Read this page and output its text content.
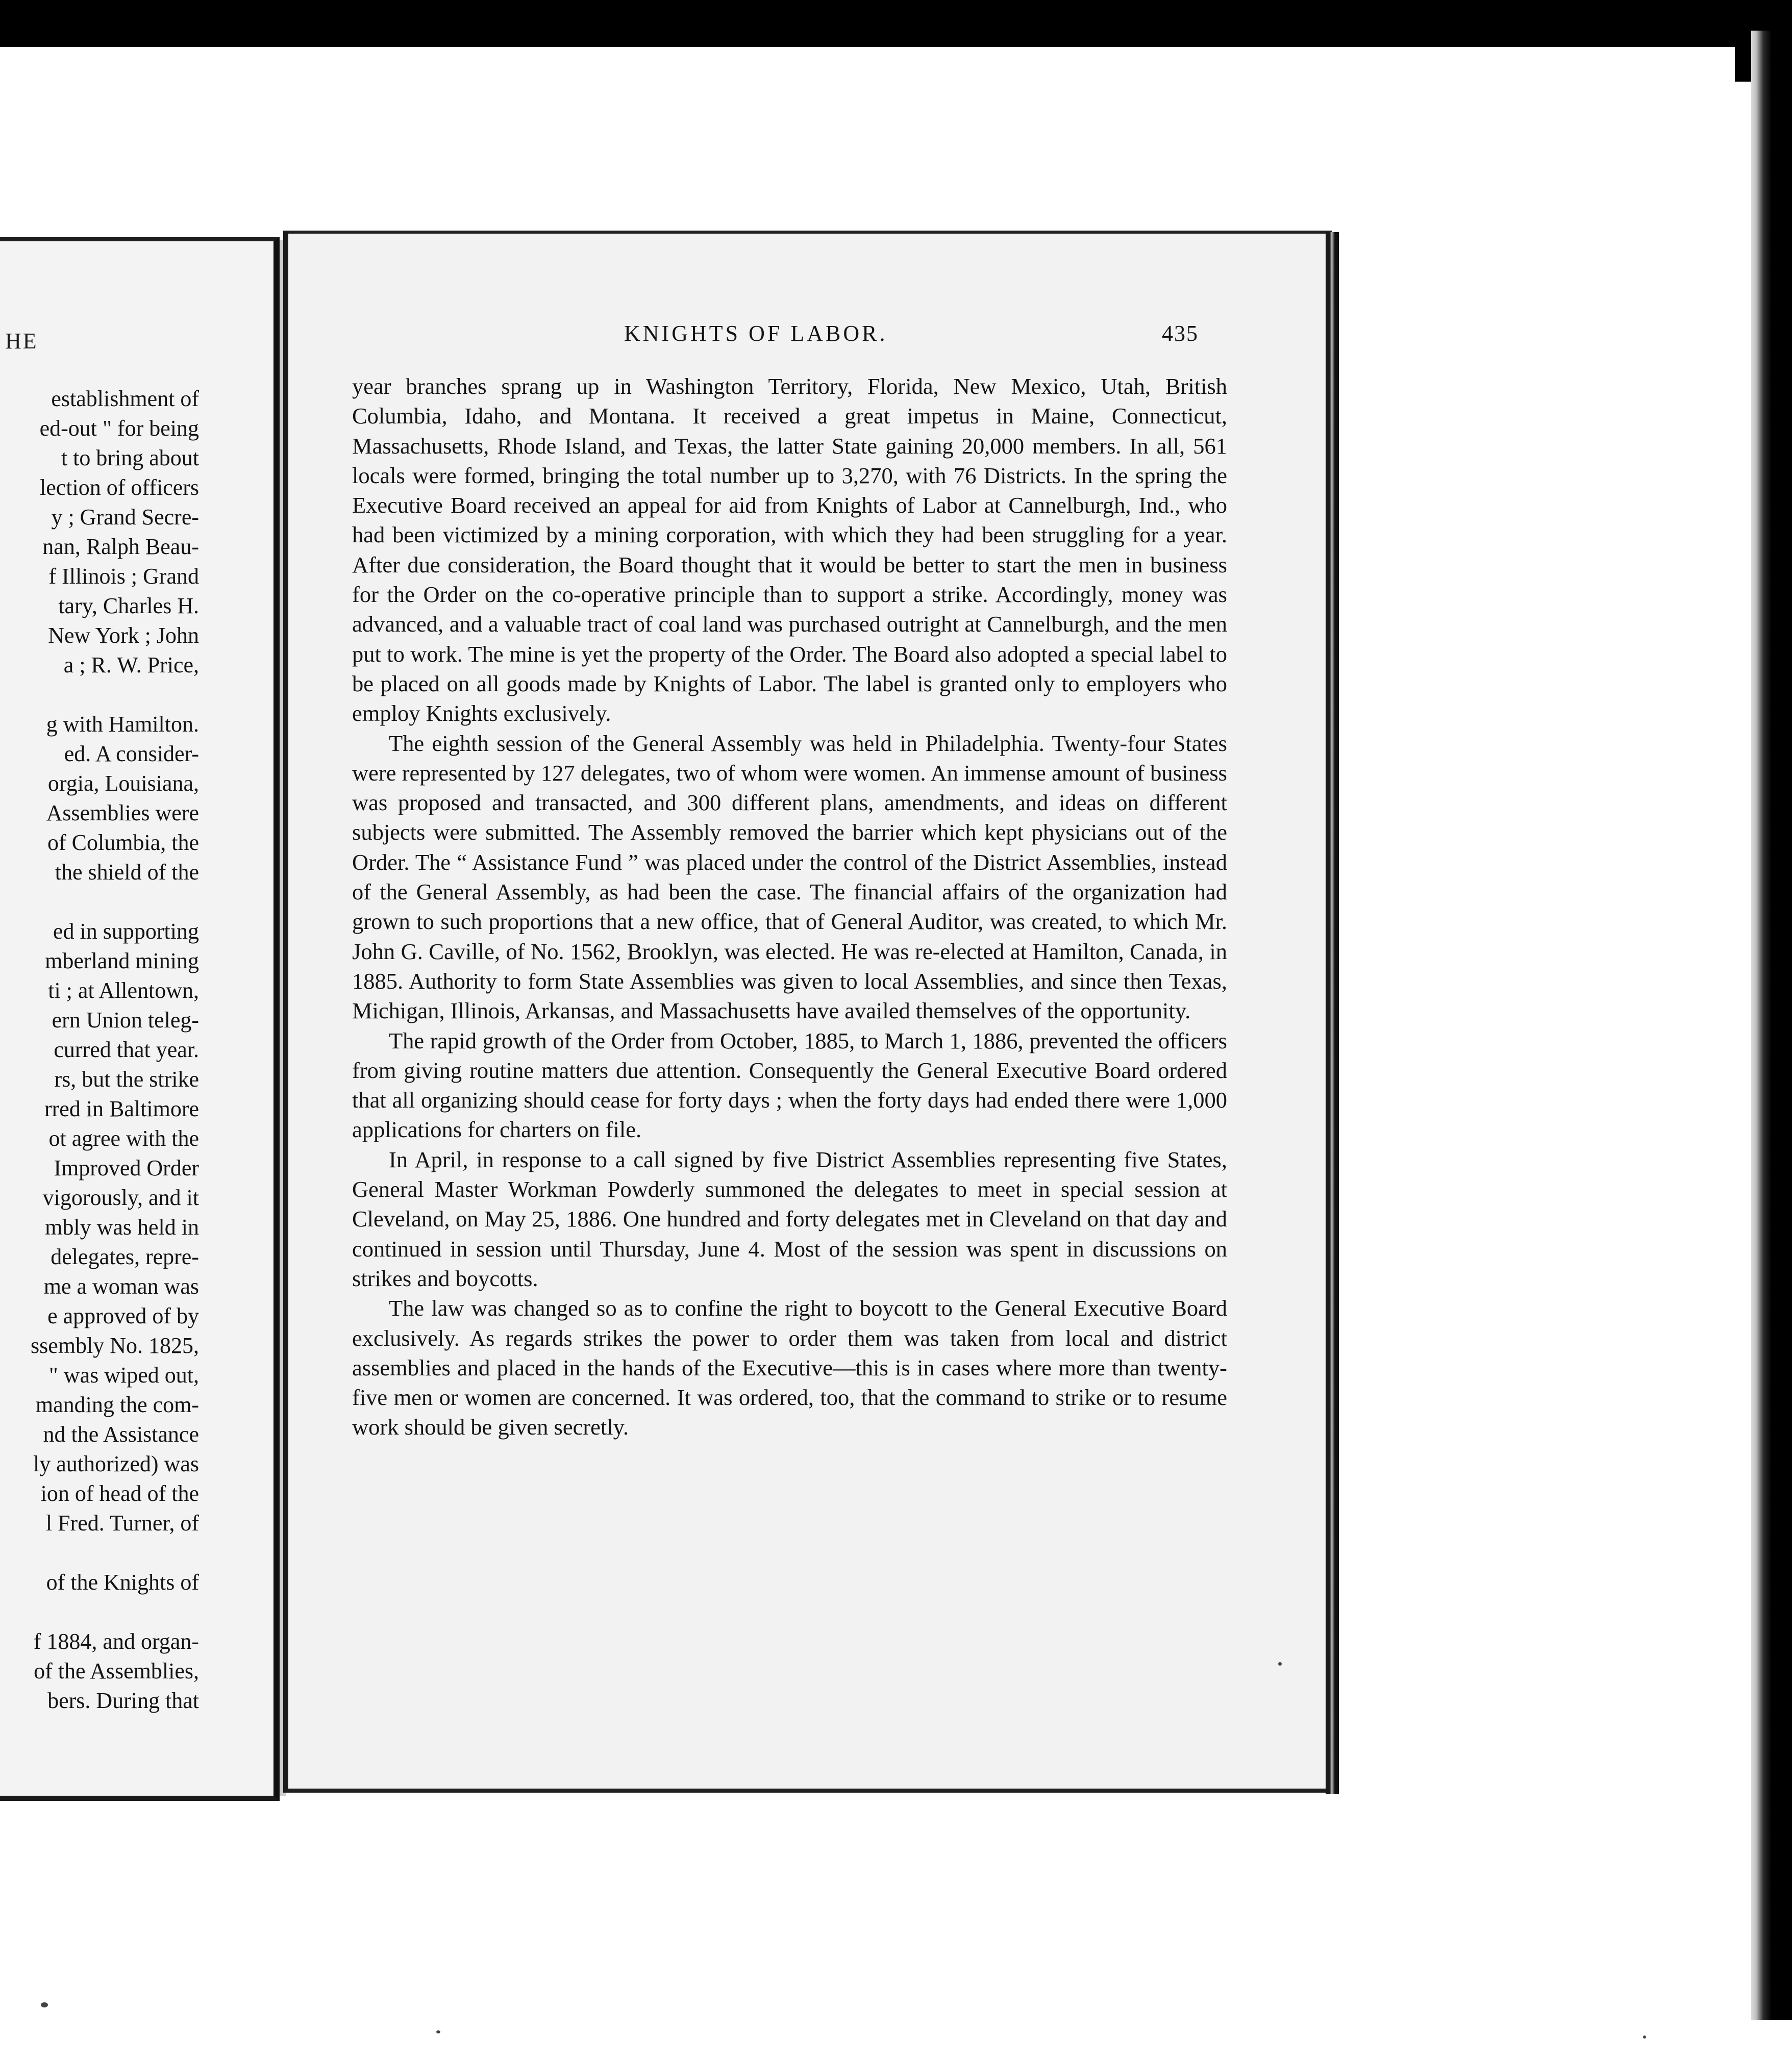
HE
establishment of
ed-out " for being
t to bring about
lection of officers
y ; Grand Secre-
nan, Ralph Beau-
f Illinois ; Grand
tary, Charles H.
New York ; John
a ; R. W. Price,
g with Hamilton.
ed. A consider-
orgia, Louisiana,
Assemblies were
of Columbia, the
the shield of the
ed in supporting
mberland mining
ti ; at Allentown,
ern Union teleg-
curred that year.
rs, but the strike
rred in Baltimore
ot agree with the
Improved Order
vigorously, and it
mbly was held in
delegates, repre-
me a woman was
e approved of by
ssembly No. 1825,
" was wiped out,
manding the com-
nd the Assistance
ly authorized) was
ion of head of the
l Fred. Turner, of
of the Knights of
f 1884, and organ-
of the Assemblies,
bers. During that
KNIGHTS OF LABOR.	435

year branches sprang up in Washington Territory, Florida, New Mexico, Utah, British Columbia, Idaho, and Montana. It received a great impetus in Maine, Connecticut, Massachusetts, Rhode Island, and Texas, the latter State gaining 20,000 members. In all, 561 locals were formed, bringing the total number up to 3,270, with 76 Districts. In the spring the Executive Board received an appeal for aid from Knights of Labor at Cannelburgh, Ind., who had been victimized by a mining corporation, with which they had been struggling for a year. After due consideration, the Board thought that it would be better to start the men in business for the Order on the co-operative principle than to support a strike. Accordingly, money was advanced, and a valuable tract of coal land was purchased outright at Cannelburgh, and the men put to work. The mine is yet the property of the Order. The Board also adopted a special label to be placed on all goods made by Knights of Labor. The label is granted only to employers who employ Knights exclusively.

The eighth session of the General Assembly was held in Philadelphia. Twenty-four States were represented by 127 delegates, two of whom were women. An immense amount of business was proposed and transacted, and 300 different plans, amendments, and ideas on different subjects were submitted. The Assembly removed the barrier which kept physicians out of the Order. The “ Assistance Fund ” was placed under the control of the District Assemblies, instead of the General Assembly, as had been the case. The financial affairs of the organization had grown to such proportions that a new office, that of General Auditor, was created, to which Mr. John G. Caville, of No. 1562, Brooklyn, was elected. He was re-elected at Hamilton, Canada, in 1885. Authority to form State Assemblies was given to local Assemblies, and since then Texas, Michigan, Illinois, Arkansas, and Massachusetts have availed themselves of the opportunity.

The rapid growth of the Order from October, 1885, to March 1, 1886, prevented the officers from giving routine matters due attention. Consequently the General Executive Board ordered that all organizing should cease for forty days ; when the forty days had ended there were 1,000 applications for charters on file.

In April, in response to a call signed by five District Assemblies representing five States, General Master Workman Powderly summoned the delegates to meet in special session at Cleveland, on May 25, 1886. One hundred and forty delegates met in Cleveland on that day and continued in session until Thursday, June 4. Most of the session was spent in discussions on strikes and boycotts.

The law was changed so as to confine the right to boycott to the General Executive Board exclusively. As regards strikes the power to order them was taken from local and district assemblies and placed in the hands of the Executive—this is in cases where more than twenty-five men or women are concerned. It was ordered, too, that the command to strike or to resume work should be given secretly.
